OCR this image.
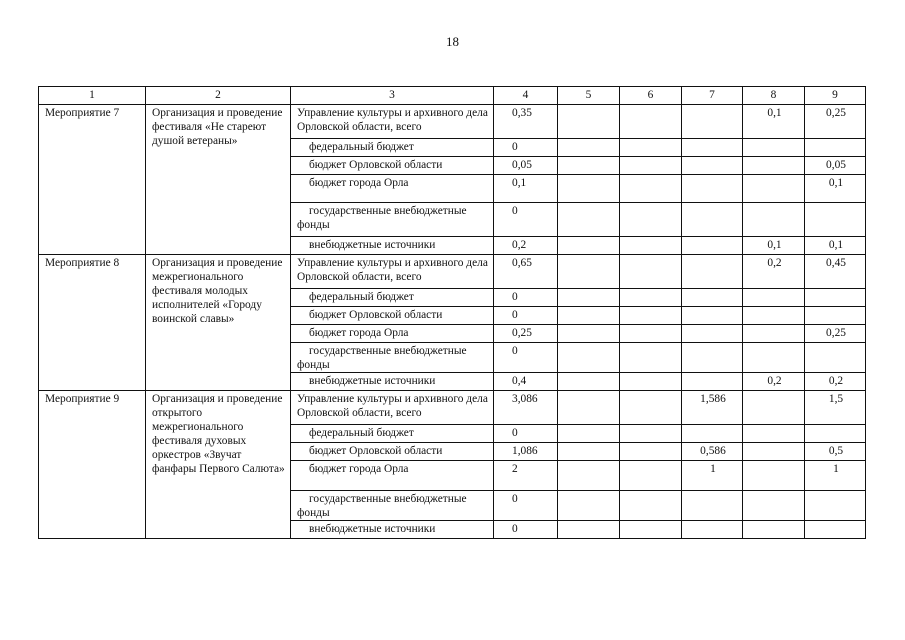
18
1	2	3	4	5	6	7	8	9
Мероприятие 7	Организация и проведение фестиваля «Не стареют душой ветераны»	Управление культуры и архивного дела Орловской области, всего	0,35				0,1	0,25
		федеральный бюджет	0					
		бюджет Орловской области	0,05					0,05
		бюджет города Орла	0,1					0,1
		государственные внебюджетные фонды	0					
		внебюджетные источники	0,2				0,1	0,1
Мероприятие 8	Организация и проведение межрегионального фестиваля молодых исполнителей «Городу воинской славы»	Управление культуры и архивного дела Орловской области, всего	0,65				0,2	0,45
		федеральный бюджет	0					
		бюджет Орловской области	0					
		бюджет города Орла	0,25					0,25
		государственные внебюджетные фонды	0					
		внебюджетные источники	0,4				0,2	0,2
Мероприятие 9	Организация и проведение открытого межрегионального фестиваля духовых оркестров «Звучат фанфары Первого Салюта»	Управление культуры и архивного дела Орловской области, всего	3,086			1,586		1,5
		федеральный бюджет	0					
		бюджет Орловской области	1,086			0,586		0,5
		бюджет города Орла	2			1		1
		государственные внебюджетные фонды	0					
		внебюджетные источники	0					
